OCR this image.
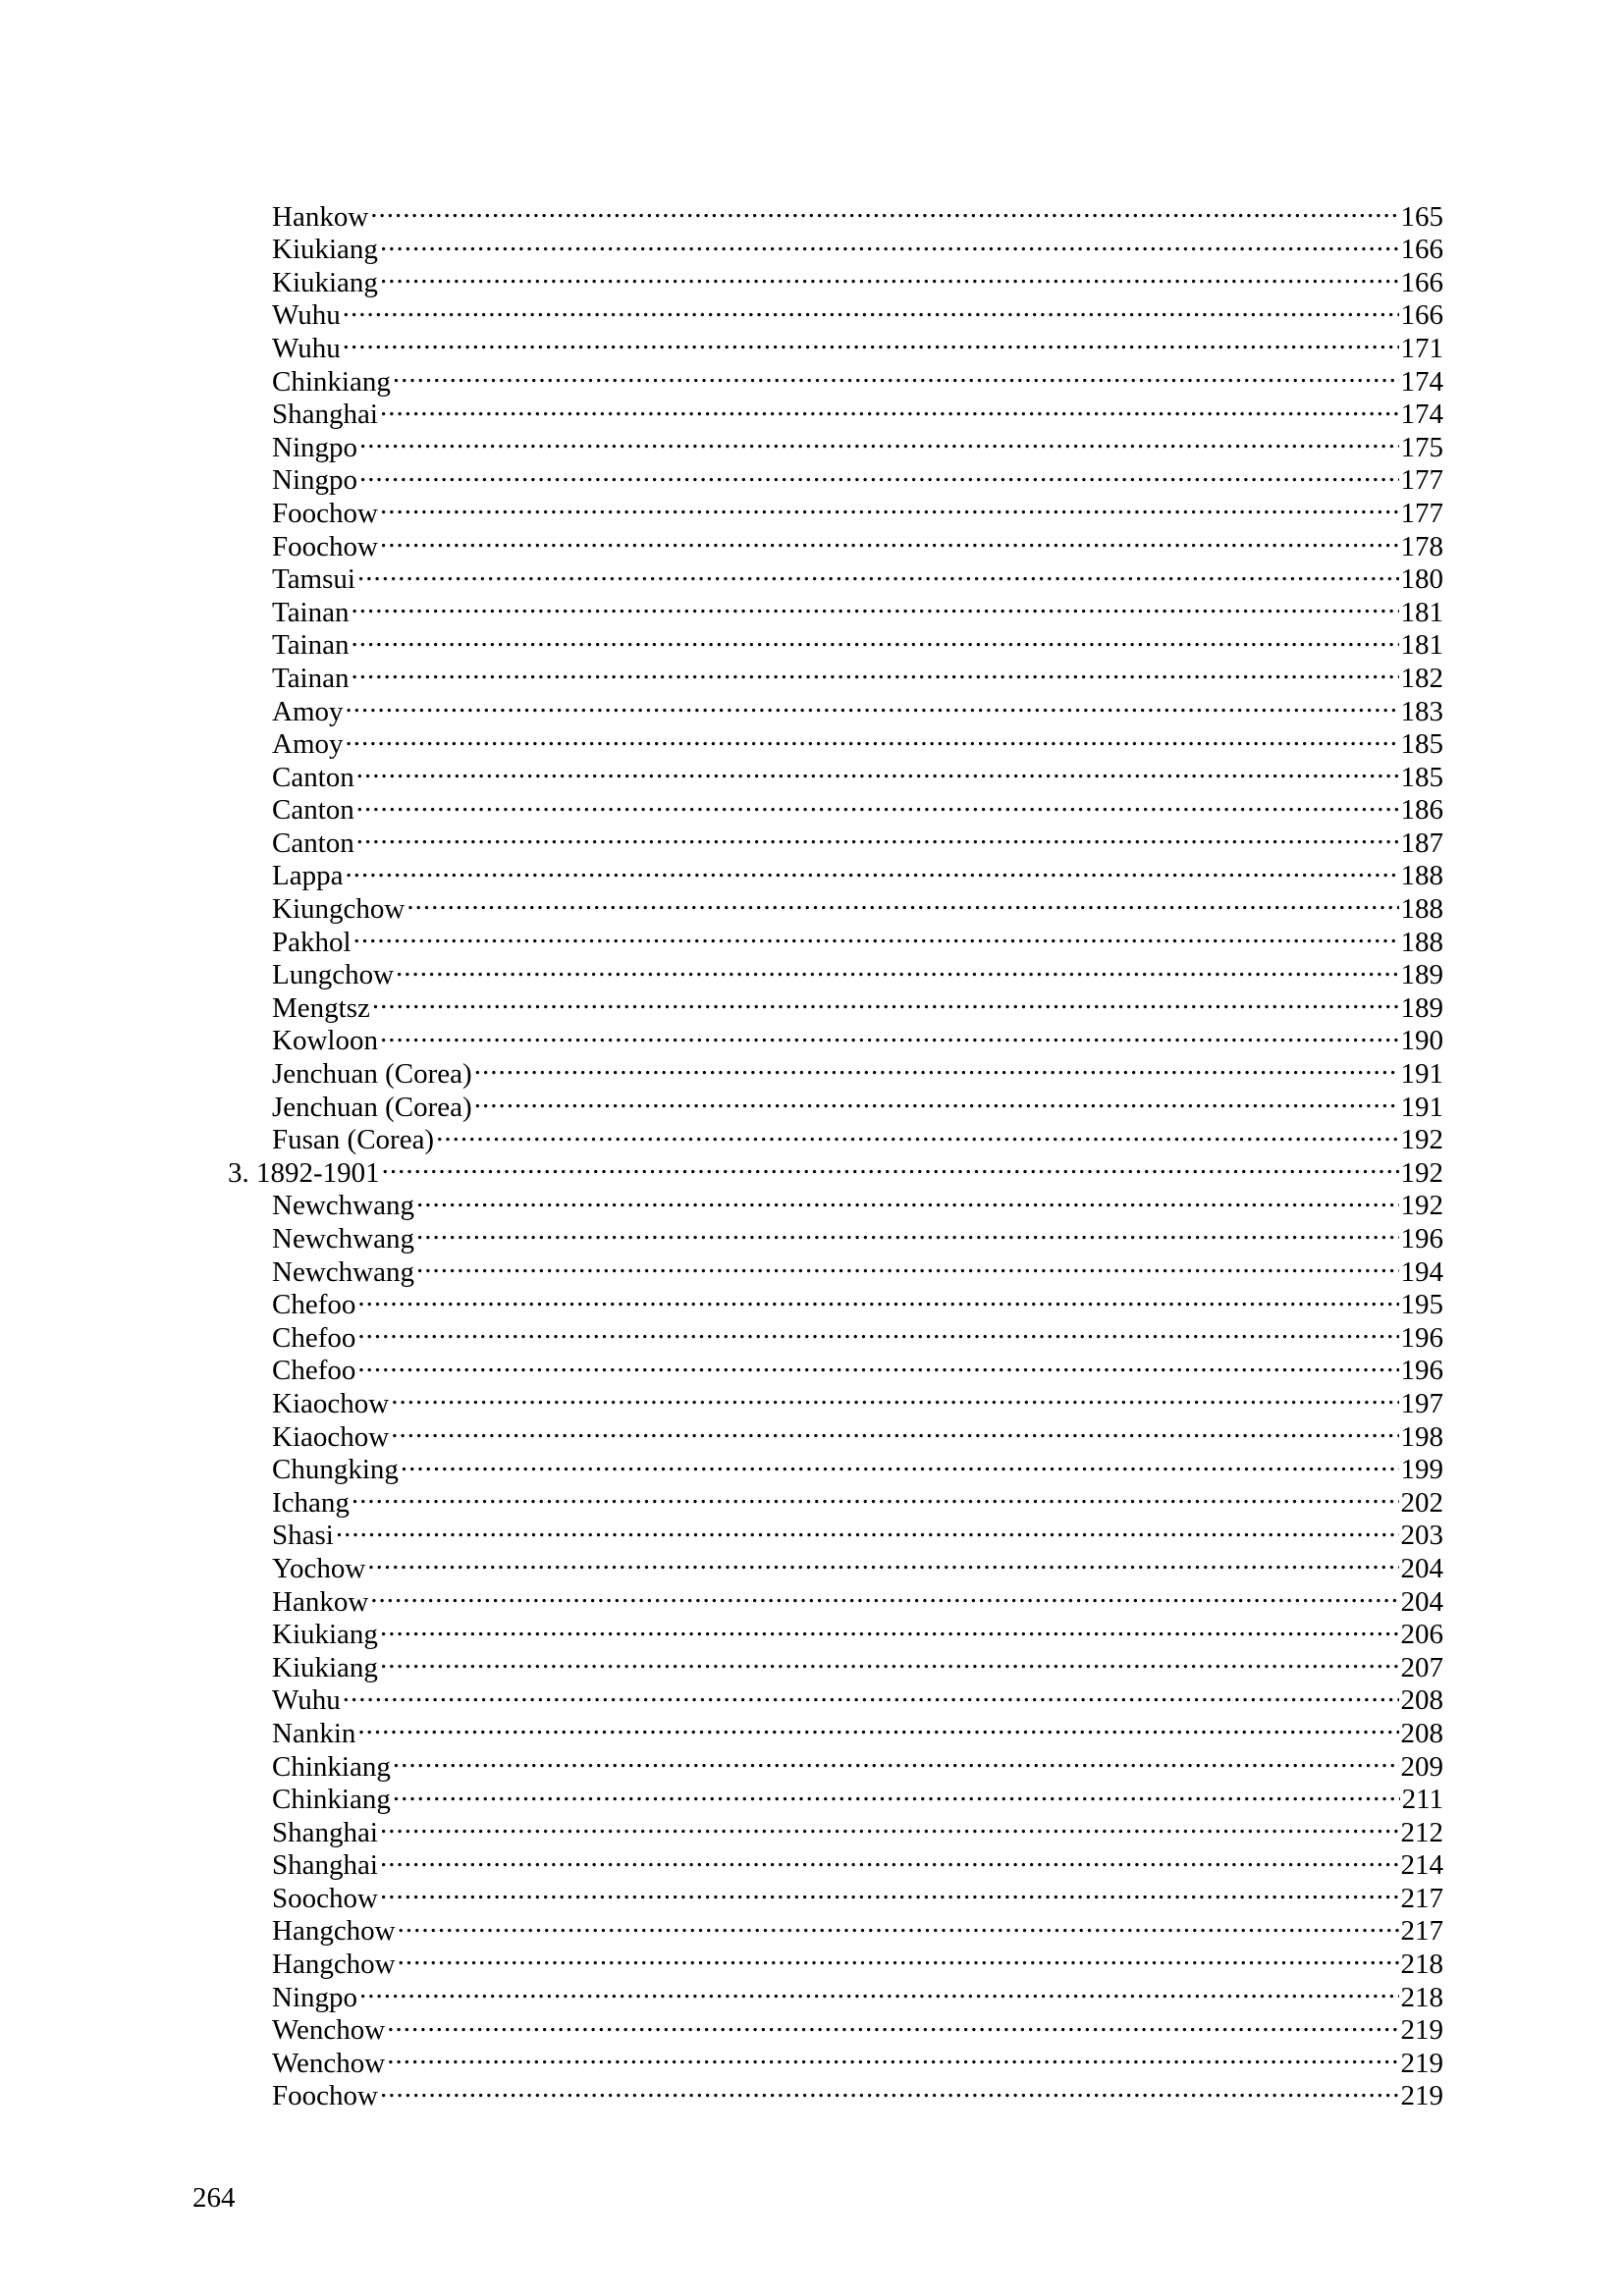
Hankow .....	165
Kiukiang .....	166
Kiukiang .....	166
Wuhu .....	166
Wuhu .....	171
Chinkiang .....	174
Shanghai .....	174
Ningpo .....	175
Ningpo .....	177
Foochow .....	177
Foochow .....	178
Tamsui .....	180
Tainan .....	181
Tainan .....	181
Tainan .....	182
Amoy .....	183
Amoy .....	185
Canton .....	185
Canton .....	186
Canton .....	187
Lappa .....	188
Kiungchow .....	188
Pakhol .....	188
Lungchow .....	189
Mengtsz .....	189
Kowloon .....	190
Jenchuan (Corea) .....	191
Jenchuan (Corea) .....	191
Fusan (Corea) .....	192
3. 1892-1901 .....	192
Newchwang .....	192
Newchwang .....	196
Newchwang .....	194
Chefoo .....	195
Chefoo .....	196
Chefoo .....	196
Kiaochow .....	197
Kiaochow .....	198
Chungking .....	199
Ichang .....	202
Shasi .....	203
Yochow .....	204
Hankow .....	204
Kiukiang .....	206
Kiukiang .....	207
Wuhu .....	208
Nankin .....	208
Chinkiang .....	209
Chinkiang .....	211
Shanghai .....	212
Shanghai .....	214
Soochow .....	217
Hangchow .....	217
Hangchow .....	218
Ningpo .....	218
Wenchow .....	219
Wenchow .....	219
Foochow .....	219
264
